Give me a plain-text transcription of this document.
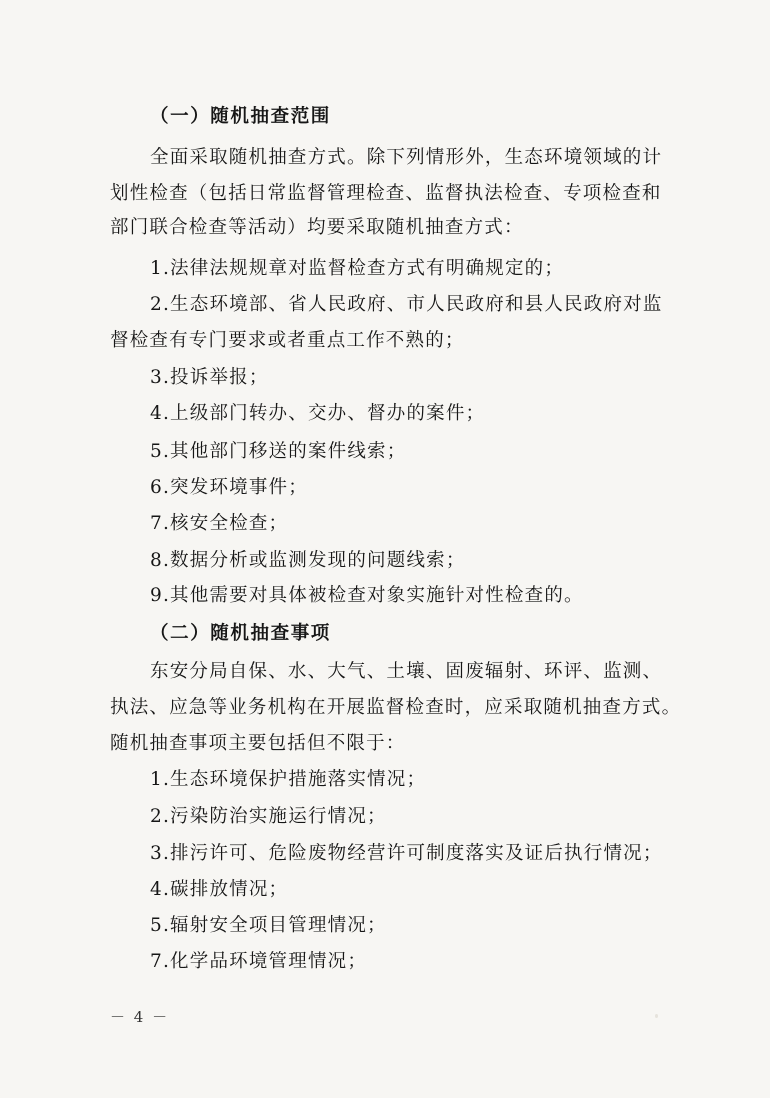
（一）随机抽查范围
全面采取随机抽查方式。除下列情形外，生态环境领域的计
划性检查（包括日常监督管理检查、监督执法检查、专项检查和
部门联合检查等活动）均要采取随机抽查方式：
1.法律法规规章对监督检查方式有明确规定的；
2.生态环境部、省人民政府、市人民政府和县人民政府对监
督检查有专门要求或者重点工作不熟的；
3.投诉举报；
4.上级部门转办、交办、督办的案件；
5.其他部门移送的案件线索；
6.突发环境事件；
7.核安全检查；
8.数据分析或监测发现的问题线索；
9.其他需要对具体被检查对象实施针对性检查的。
（二）随机抽查事项
东安分局自保、水、大气、土壤、固废辐射、环评、监测、
执法、应急等业务机构在开展监督检查时，应采取随机抽查方式。
随机抽查事项主要包括但不限于：
1.生态环境保护措施落实情况；
2.污染防治实施运行情况；
3.排污许可、危险废物经营许可制度落实及证后执行情况；
4.碳排放情况；
5.辐射安全项目管理情况；
7.化学品环境管理情况；
－ 4 －
